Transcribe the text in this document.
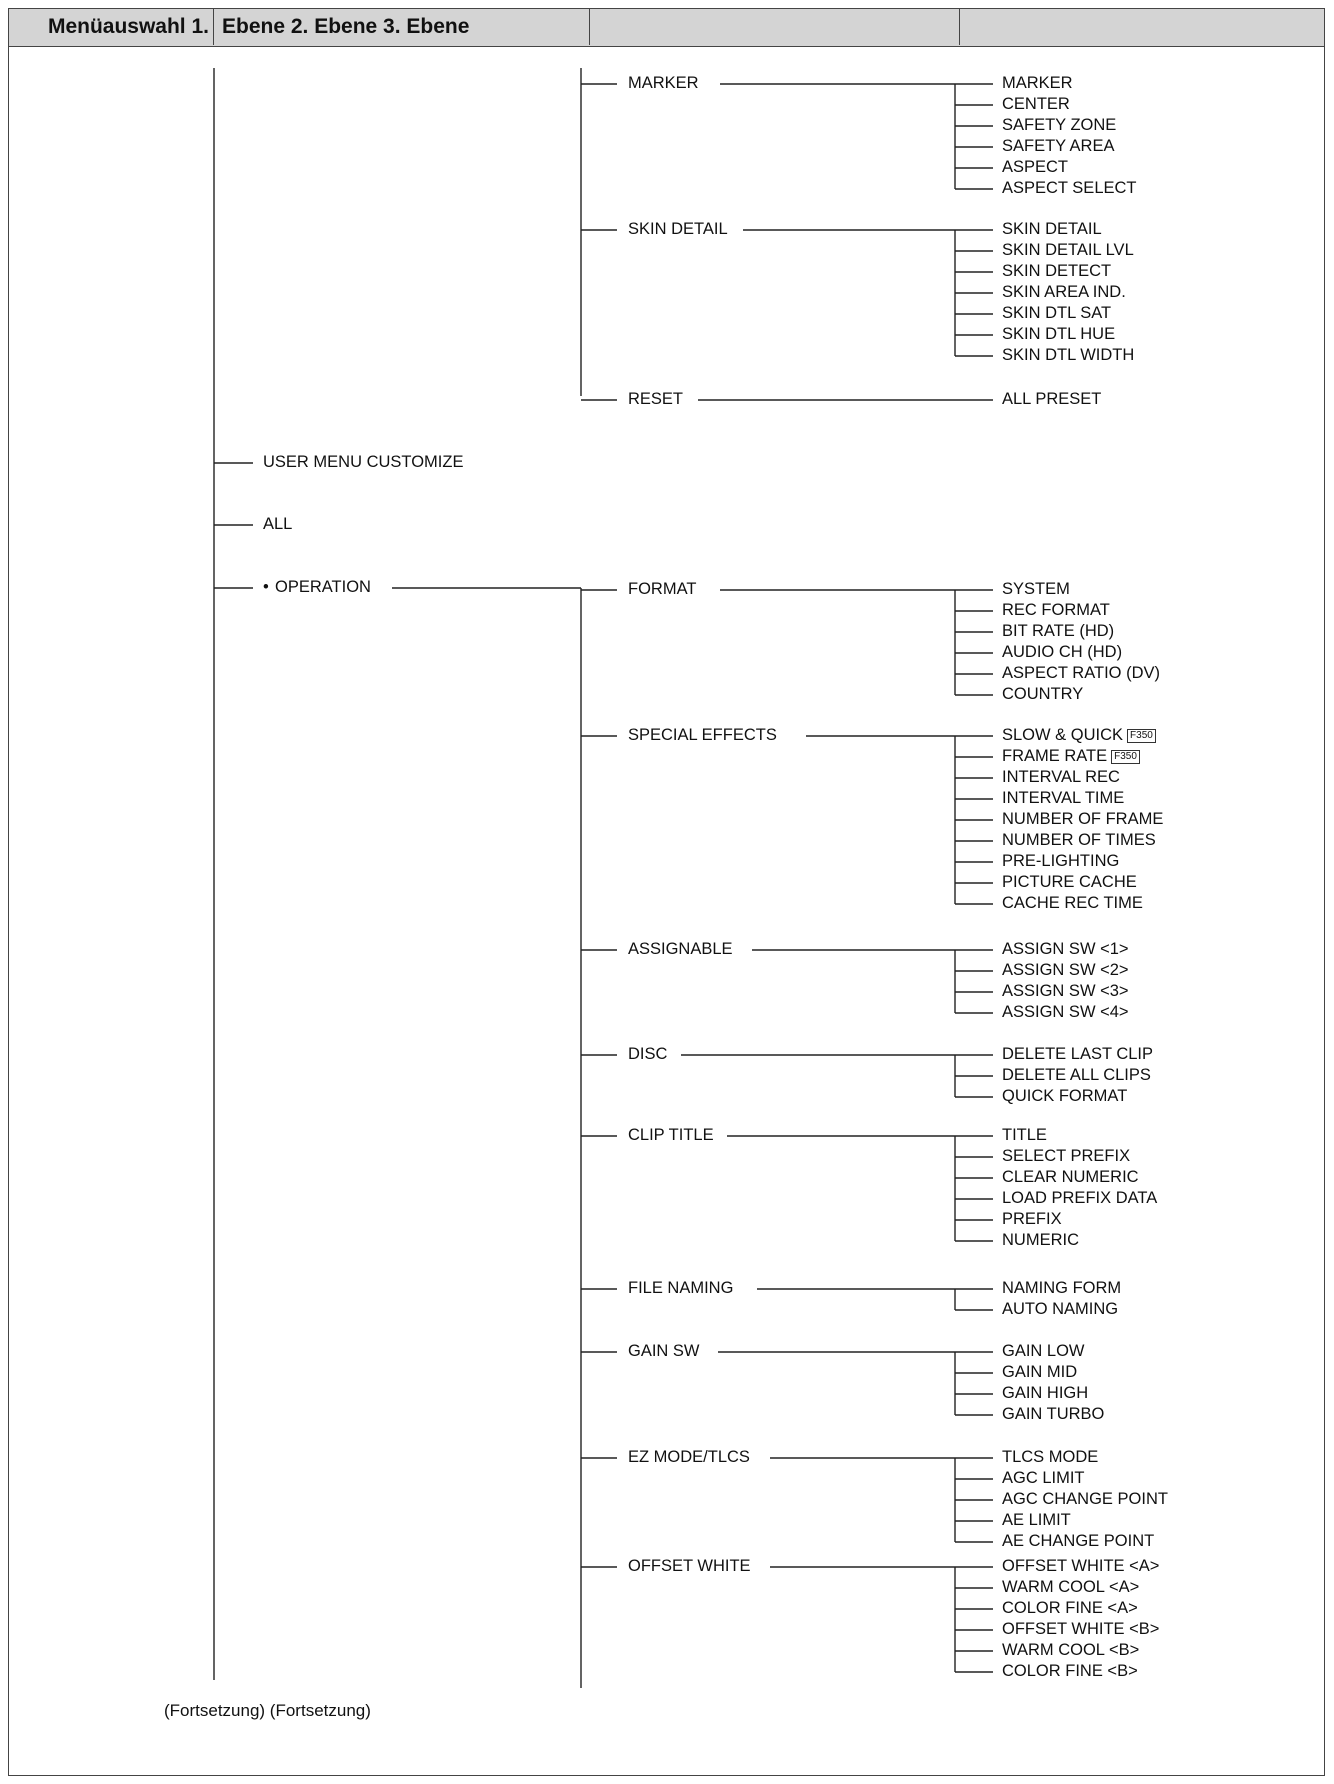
Menüauswahl 1. Ebene 2. Ebene 3. Ebene
USER MENU CUSTOMIZE
ALL
• OPERATION
MARKER	MARKER
CENTER
SAFETY ZONE
SAFETY AREA
ASPECT
ASPECT SELECT
SKIN DETAIL	SKIN DETAIL
SKIN DETAIL LVL
SKIN DETECT
SKIN AREA IND.
SKIN DTL SAT
SKIN DTL HUE
SKIN DTL WIDTH
RESET	ALL PRESET
FORMAT	SYSTEM
REC FORMAT
BIT RATE (HD)
AUDIO CH (HD)
ASPECT RATIO (DV)
COUNTRY
SPECIAL EFFECTS	SLOW & QUICK F350
FRAME RATE F350
INTERVAL REC
INTERVAL TIME
NUMBER OF FRAME
NUMBER OF TIMES
PRE-LIGHTING
PICTURE CACHE
CACHE REC TIME
ASSIGNABLE	ASSIGN SW <1>
ASSIGN SW <2>
ASSIGN SW <3>
ASSIGN SW <4>
DISC	DELETE LAST CLIP
DELETE ALL CLIPS
QUICK FORMAT
CLIP TITLE	TITLE
SELECT PREFIX
CLEAR NUMERIC
LOAD PREFIX DATA
PREFIX
NUMERIC
FILE NAMING	NAMING FORM
AUTO NAMING
GAIN SW	GAIN LOW
GAIN MID
GAIN HIGH
GAIN TURBO
EZ MODE/TLCS	TLCS MODE
AGC LIMIT
AGC CHANGE POINT
AE LIMIT
AE CHANGE POINT
OFFSET WHITE	OFFSET WHITE <A>
WARM COOL <A>
COLOR FINE <A>
OFFSET WHITE <B>
WARM COOL <B>
COLOR FINE <B>
(Fortsetzung) (Fortsetzung)
